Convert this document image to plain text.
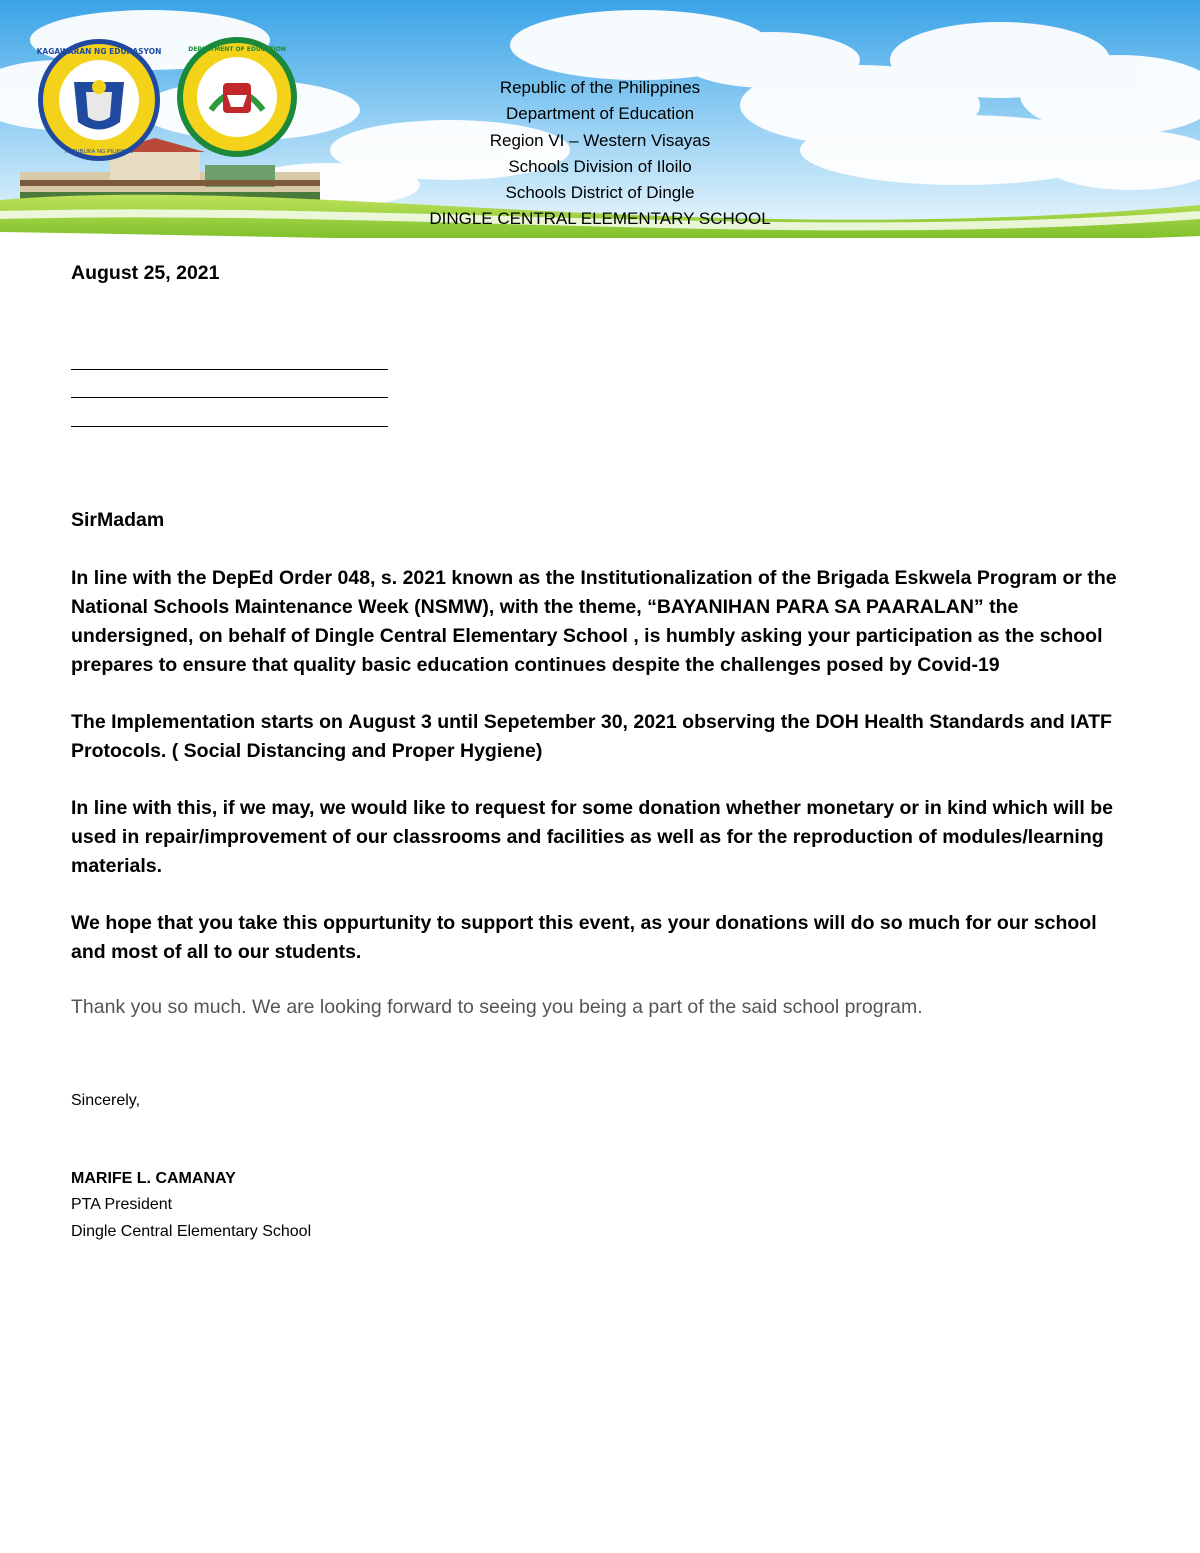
KAGAWARAN NG EDUKASYON
REPUBLIKA NG PILIPINAS
DEPARTMENT OF EDUCATION
Republic of the Philippines
Department of Education
Region VI – Western Visayas
Schools Division of Iloilo
Schools District of Dingle
DINGLE CENTRAL ELEMENTARY SCHOOL
August 25, 2021
SirMadam
In line with the DepEd Order 048, s. 2021 known as the Institutionalization of the Brigada Eskwela Program or the National Schools Maintenance Week (NSMW), with the theme, “BAYANIHAN PARA SA PAARALAN” the undersigned, on behalf of Dingle Central Elementary School , is humbly asking your participation as the school prepares to ensure that quality basic education continues despite the challenges posed by Covid-19
The Implementation starts on August 3 until Sepetember 30, 2021 observing the DOH Health Standards and IATF Protocols. ( Social Distancing and Proper Hygiene)
In line with this, if we may, we would like to request for some donation whether monetary or in kind which will be used in repair/improvement of our classrooms and facilities as well as for the reproduction of modules/learning materials.
We hope that you take this oppurtunity to support this event, as your donations will do so much for our school and most of all to our students.
Thank you so much. We are looking forward to seeing you being a part of the said school program.
Sincerely,
MARIFE L. CAMANAY
PTA President
Dingle Central Elementary School
